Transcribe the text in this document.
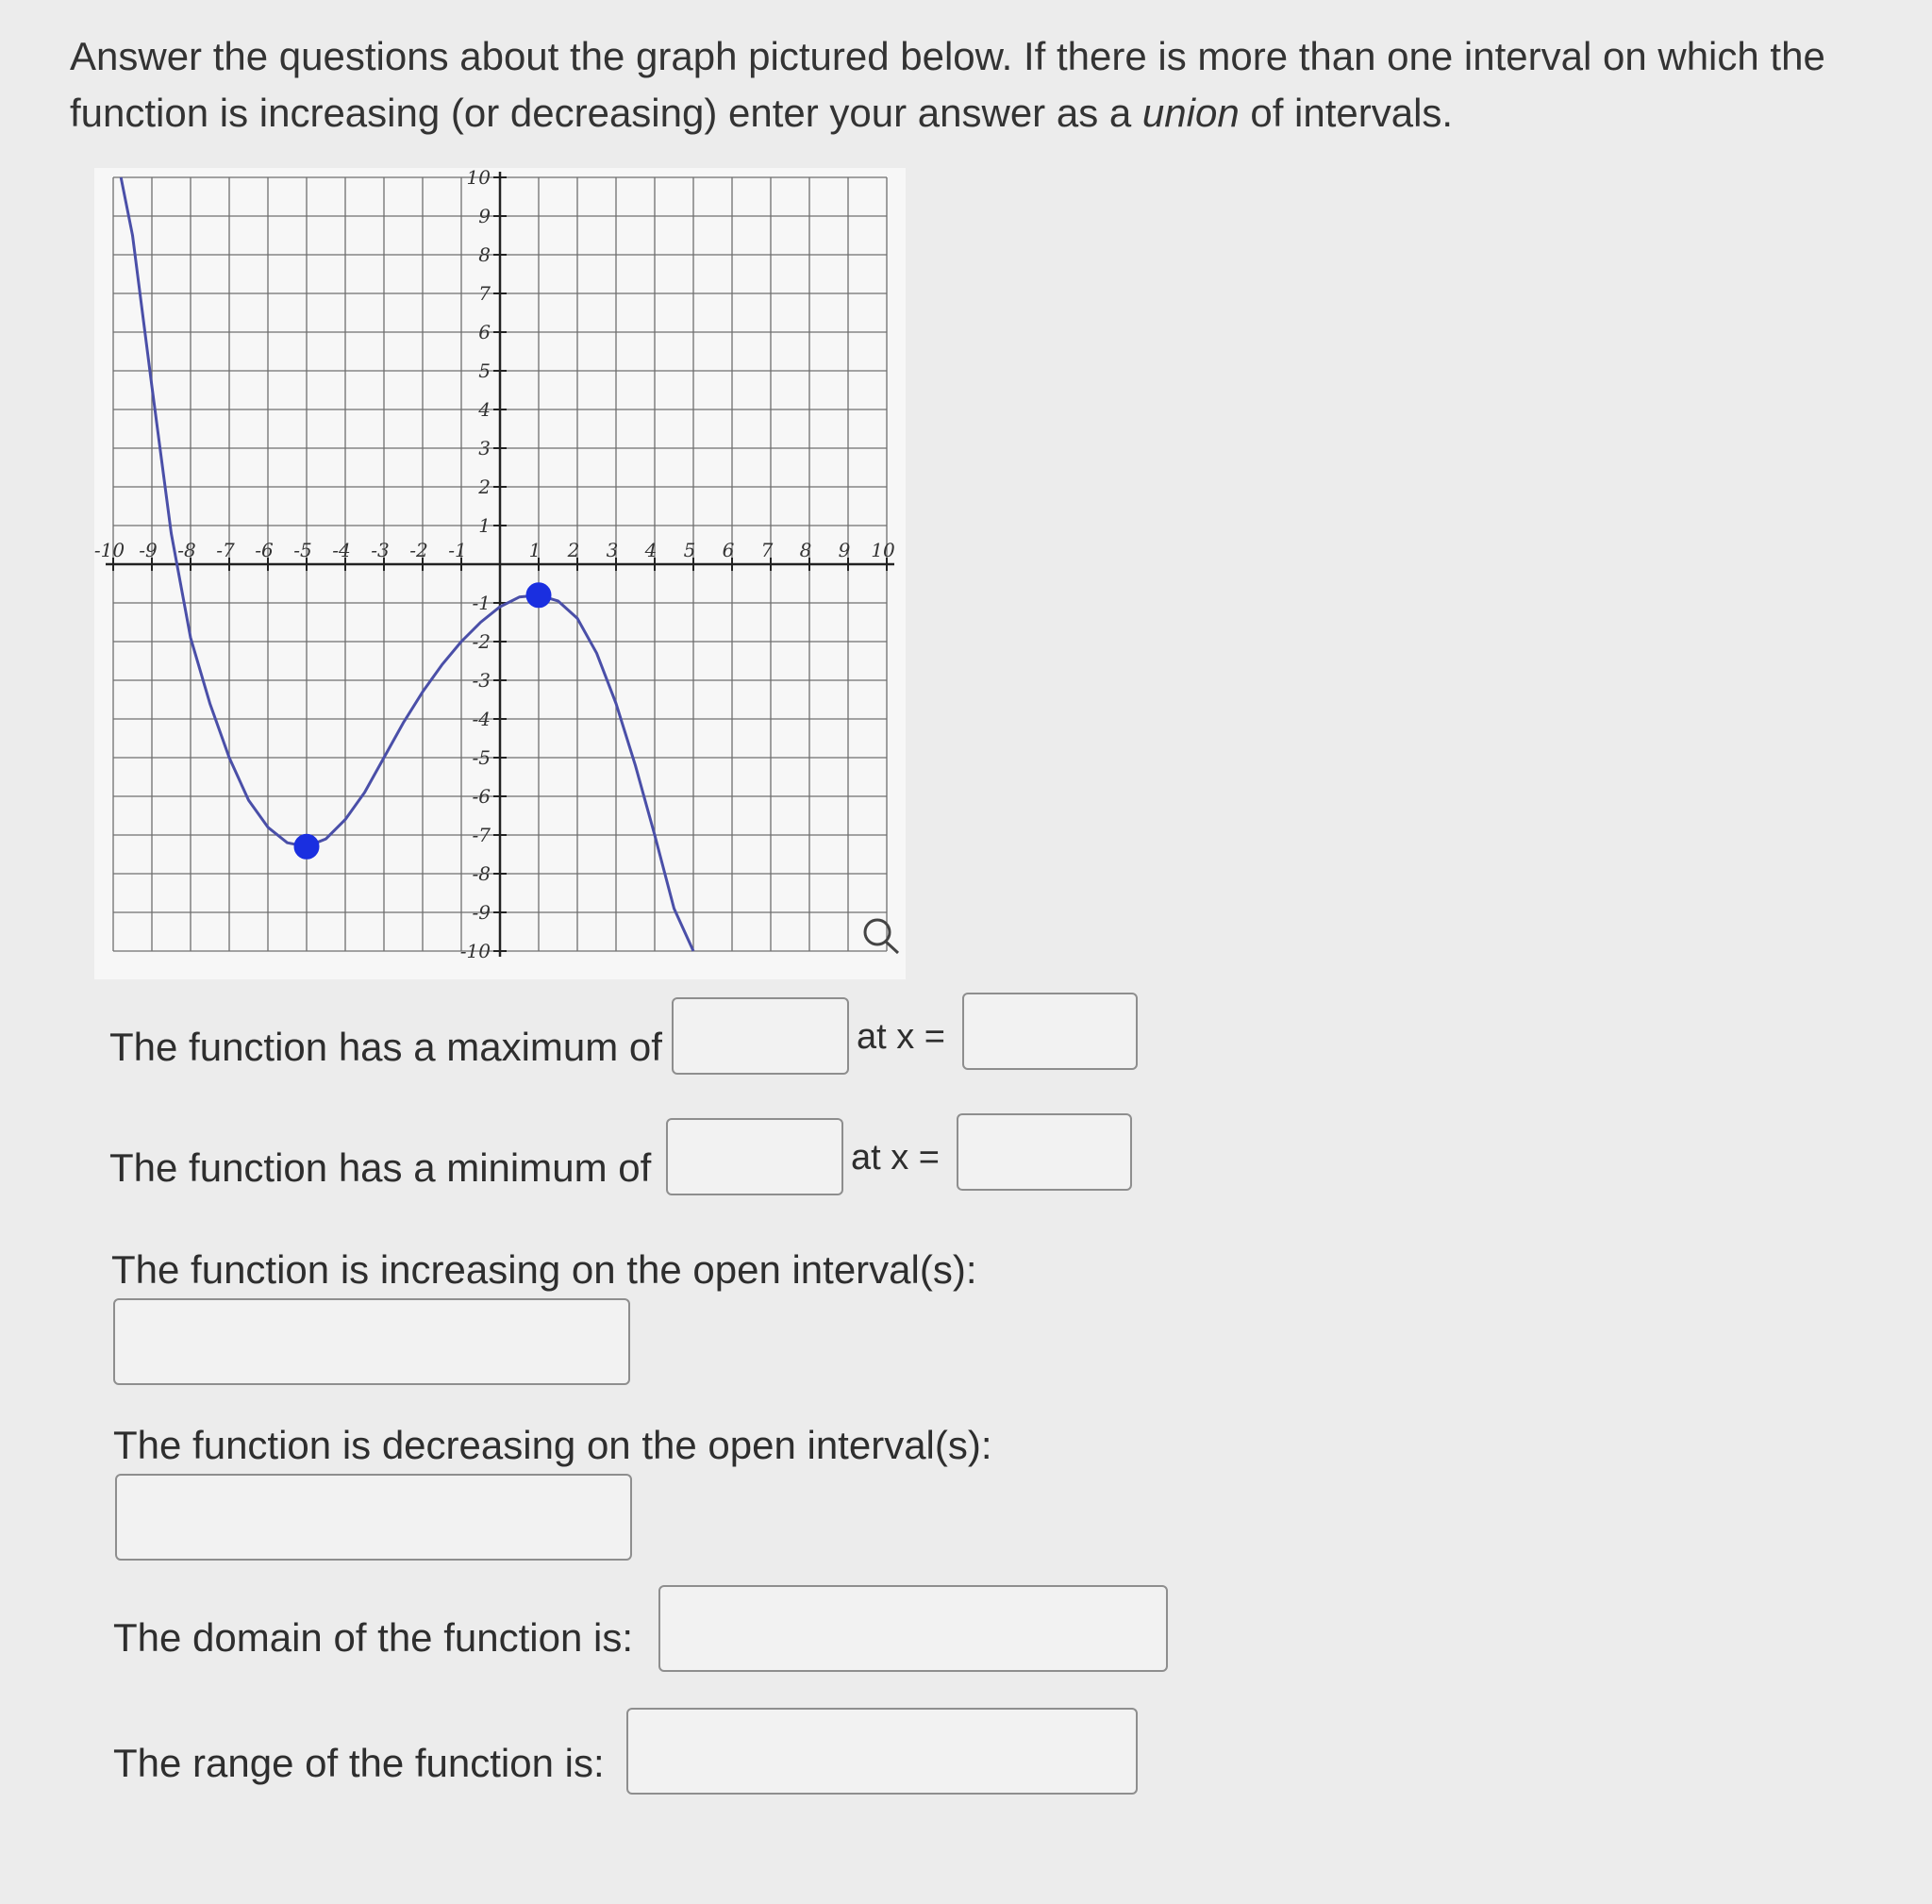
Answer the questions about the graph pictured below. If there is more than one interval on which the function is increasing (or decreasing) enter your answer as a union of intervals.

-10 -9 -8 -7 -6 -5 -4 -3 -2 -1	1 2 3 4 5 6 7 8 9 10
10
9
8
7
6
5
4
3
2
1
-1
-2
-3
-4
-5
-6
-7
-8
-9
-10
The function has a maximum of	at x =
The function has a minimum of	at x =
The function is increasing on the open interval(s):
The function is decreasing on the open interval(s):
The domain of the function is:
The range of the function is:
